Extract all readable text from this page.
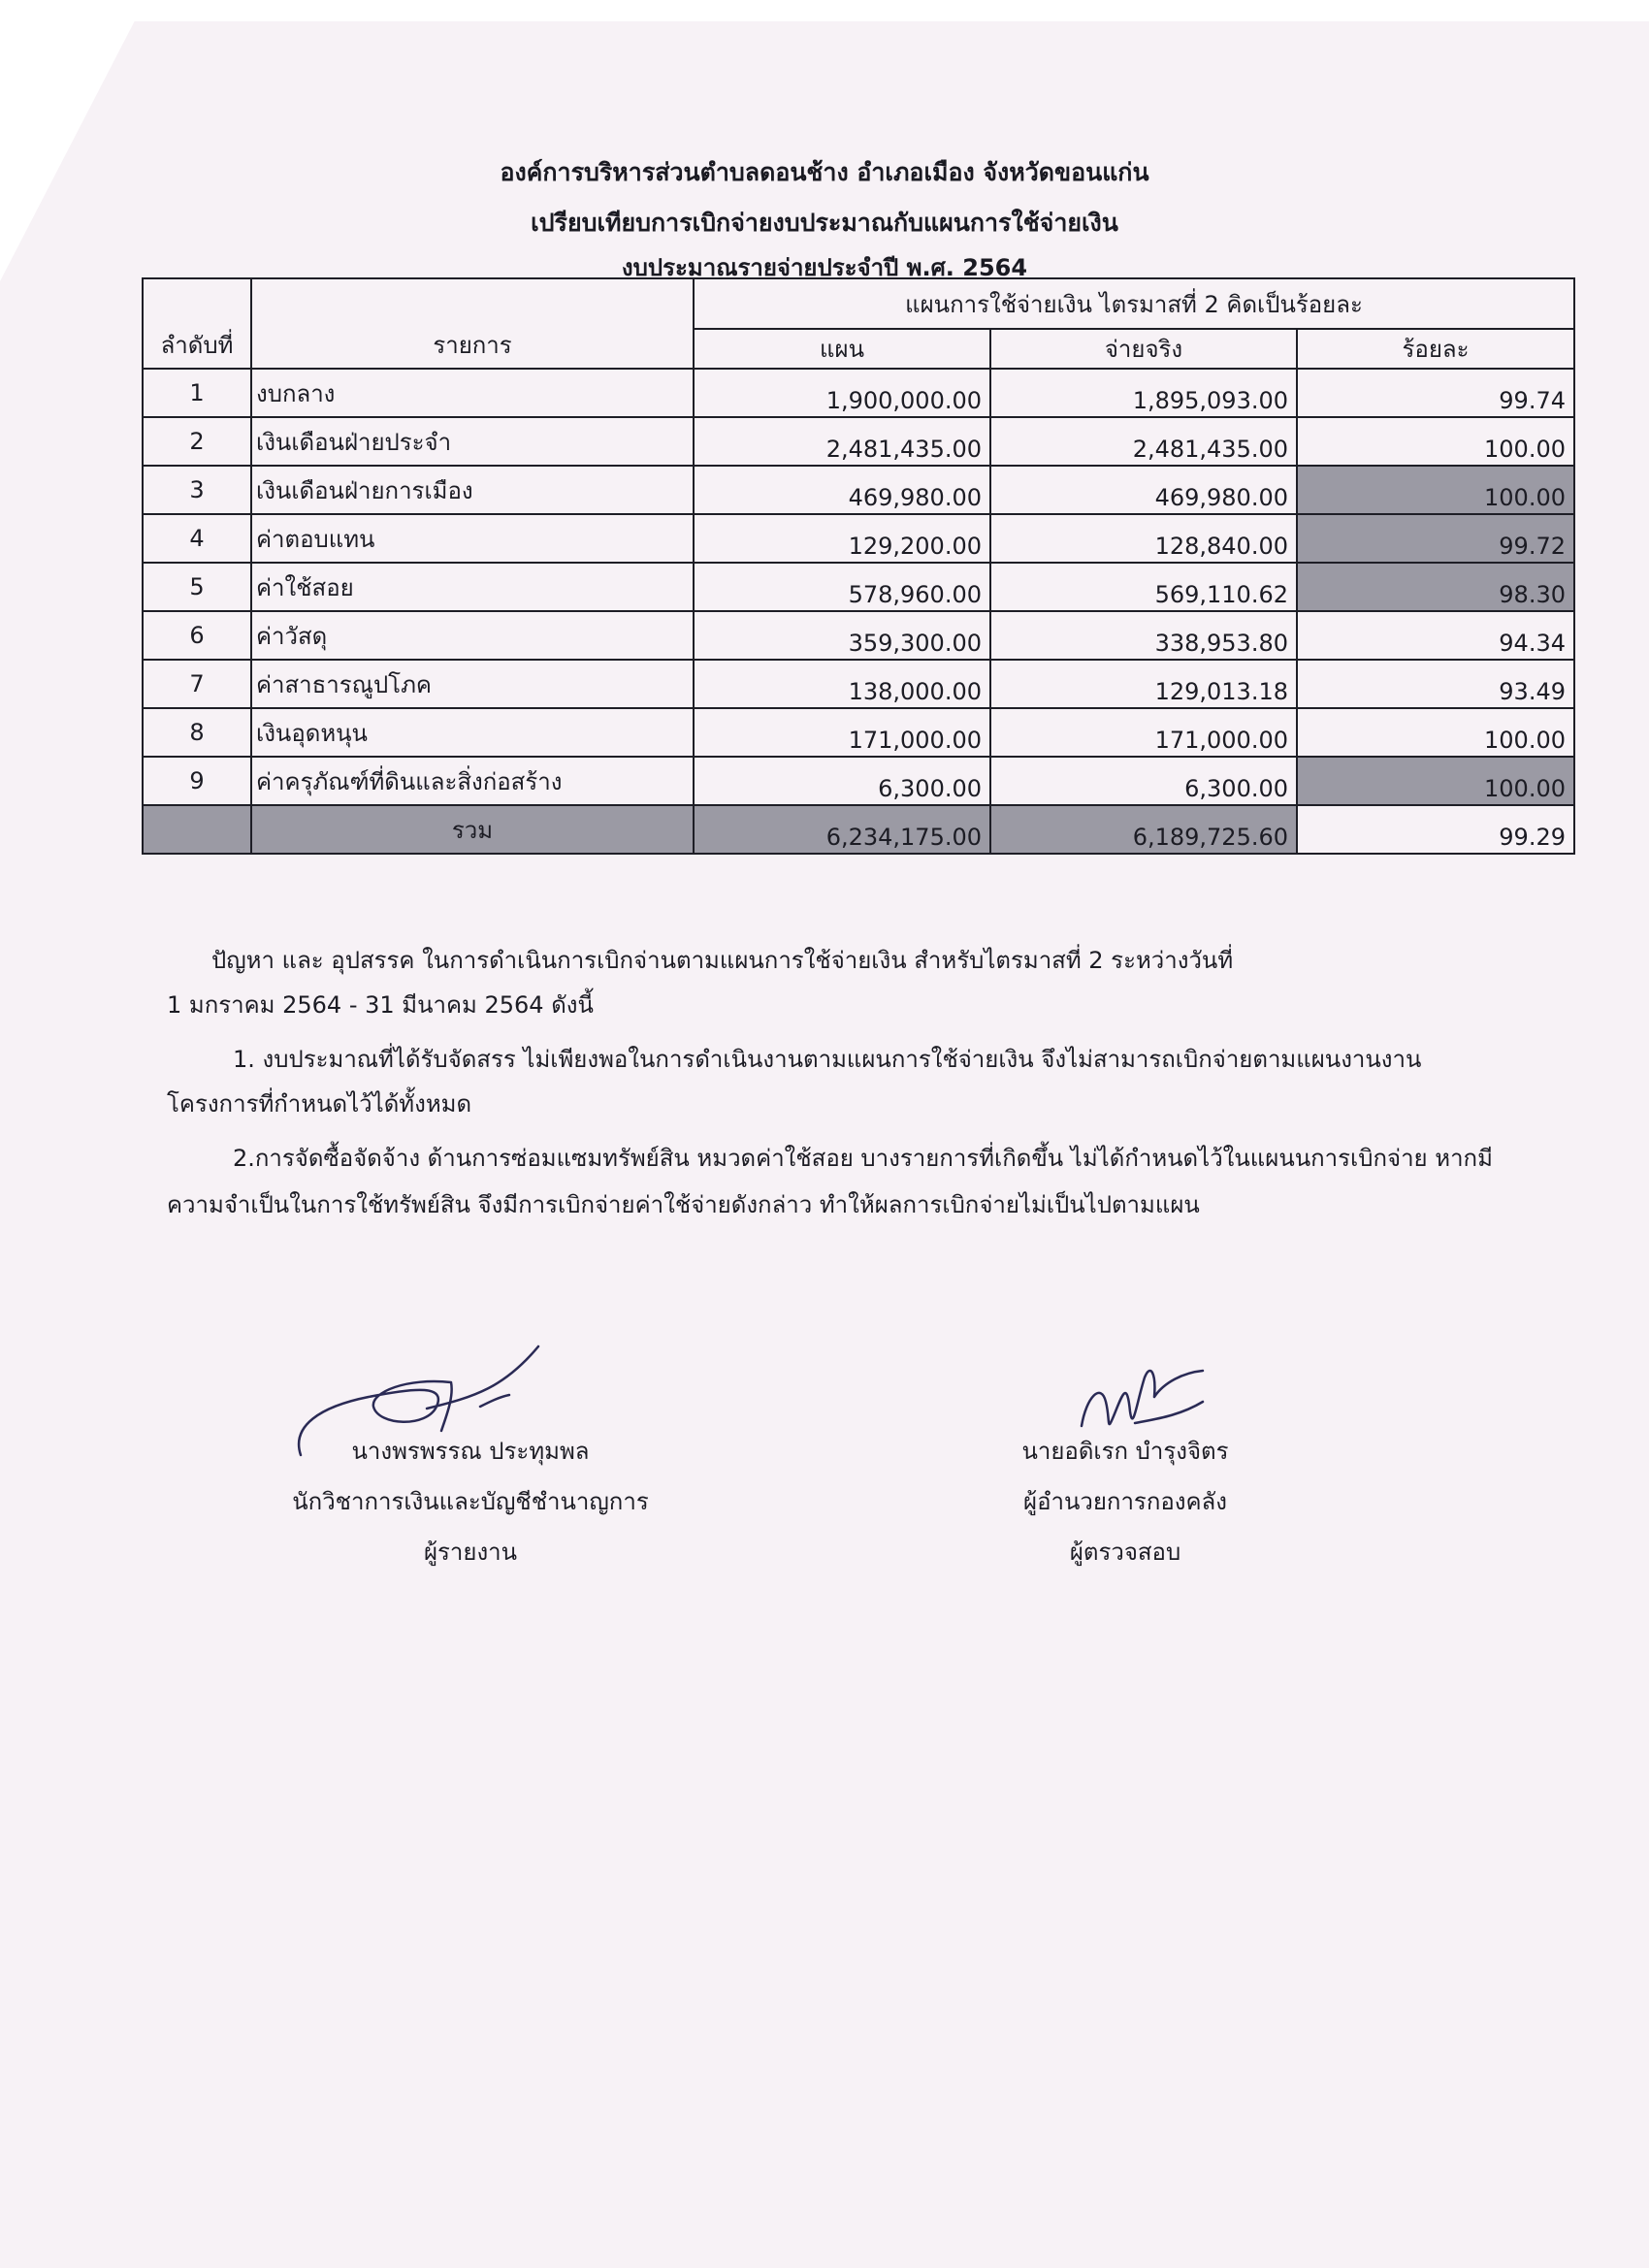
องค์การบริหารส่วนตำบลดอนช้าง อำเภอเมือง จังหวัดขอนแก่น
เปรียบเทียบการเบิกจ่ายงบประมาณกับแผนการใช้จ่ายเงิน
งบประมาณรายจ่ายประจำปี พ.ศ. 2564
ลำดับที่	รายการ	แผนการใช้จ่ายเงิน ไตรมาสที่ 2 คิดเป็นร้อยละ		
		แผน	จ่ายจริง	ร้อยละ
1	งบกลาง	1,900,000.00	1,895,093.00	99.74
2	เงินเดือนฝ่ายประจำ	2,481,435.00	2,481,435.00	100.00
3	เงินเดือนฝ่ายการเมือง	469,980.00	469,980.00	100.00
4	ค่าตอบแทน	129,200.00	128,840.00	99.72
5	ค่าใช้สอย	578,960.00	569,110.62	98.30
6	ค่าวัสดุ	359,300.00	338,953.80	94.34
7	ค่าสาธารณูปโภค	138,000.00	129,013.18	93.49
8	เงินอุดหนุน	171,000.00	171,000.00	100.00
9	ค่าครุภัณฑ์ที่ดินและสิ่งก่อสร้าง	6,300.00	6,300.00	100.00
	รวม	6,234,175.00	6,189,725.60	99.29
ปัญหา และ อุปสรรค ในการดำเนินการเบิกจ่านตามแผนการใช้จ่ายเงิน สำหรับไตรมาสที่ 2 ระหว่างวันที่
1 มกราคม 2564 - 31 มีนาคม 2564 ดังนี้
1. งบประมาณที่ได้รับจัดสรร ไม่เพียงพอในการดำเนินงานตามแผนการใช้จ่ายเงิน จึงไม่สามารถเบิกจ่ายตามแผนงานงาน
โครงการที่กำหนดไว้ได้ทั้งหมด
2.การจัดซื้อจัดจ้าง ด้านการซ่อมแซมทรัพย์สิน หมวดค่าใช้สอย บางรายการที่เกิดขึ้น ไม่ได้กำหนดไว้ในแผนนการเบิกจ่าย หากมี
ความจำเป็นในการใช้ทรัพย์สิน จึงมีการเบิกจ่ายค่าใช้จ่ายดังกล่าว ทำให้ผลการเบิกจ่ายไม่เป็นไปตามแผน
นางพรพรรณ ประทุมพล
นักวิชาการเงินและบัญชีชำนาญการ
ผู้รายงาน
นายอดิเรก บำรุงจิตร
ผู้อำนวยการกองคลัง
ผู้ตรวจสอบ
